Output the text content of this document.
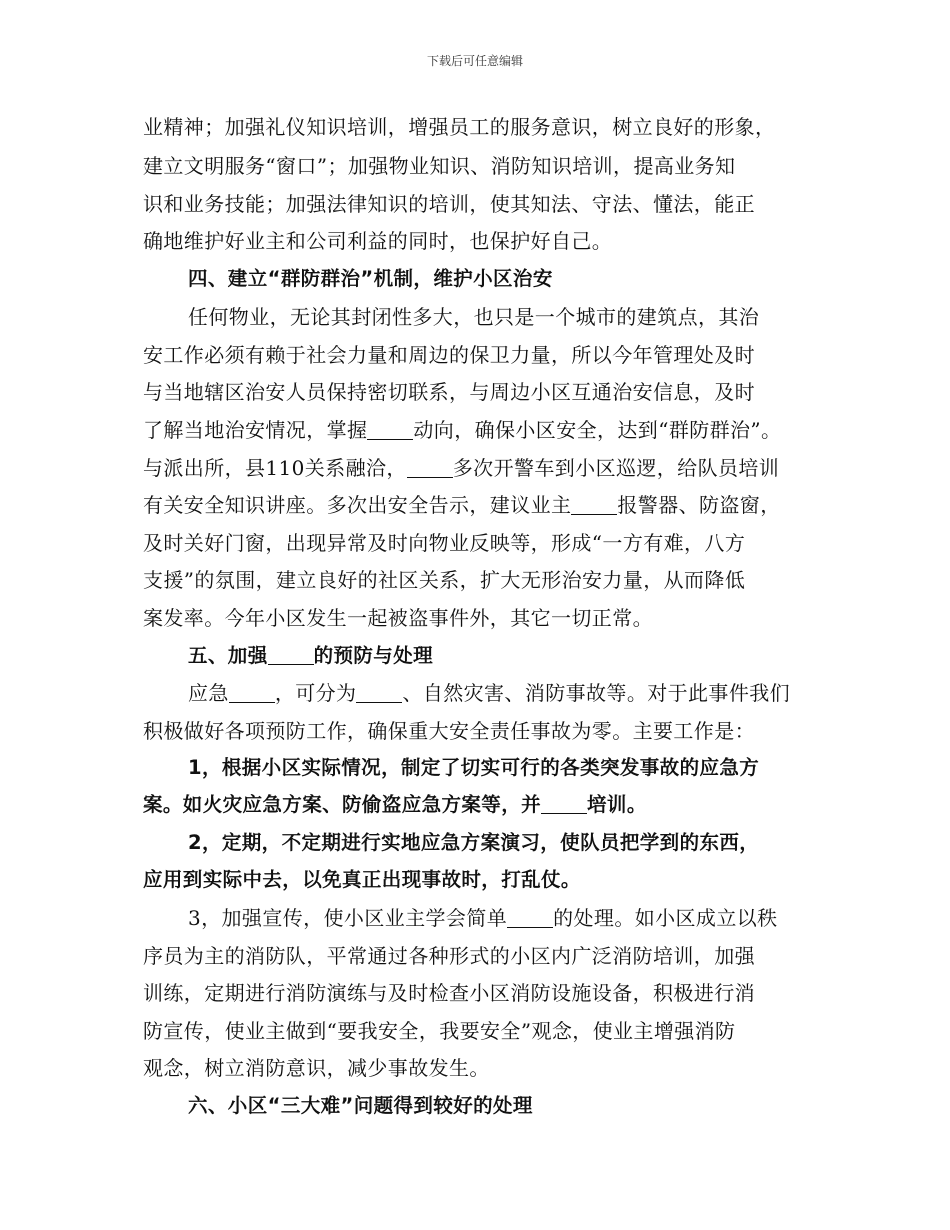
下载后可任意编辑
业精神；加强礼仪知识培训，增强员工的服务意识，树立良好的形象，
建立文明服务“窗口”；加强物业知识、消防知识培训，提高业务知
识和业务技能；加强法律知识的培训，使其知法、守法、懂法，能正
确地维护好业主和公司利益的同时，也保护好自己。
四、建立“群防群治”机制，维护小区治安
任何物业，无论其封闭性多大，也只是一个城市的建筑点，其治
安工作必须有赖于社会力量和周边的保卫力量，所以今年管理处及时
与当地辖区治安人员保持密切联系，与周边小区互通治安信息，及时
了解当地治安情况，掌握 动向，确保小区安全，达到“群防群治”。
与派出所，县110关系融洽， 多次开警车到小区巡逻，给队员培训
有关安全知识讲座。多次出安全告示，建议业主 报警器、防盗窗，
及时关好门窗，出现异常及时向物业反映等，形成“一方有难，八方
支援”的氛围，建立良好的社区关系，扩大无形治安力量，从而降低
案发率。今年小区发生一起被盗事件外，其它一切正常。
五、加强 的预防与处理
应急 ，可分为 、自然灾害、消防事故等。对于此事件我们
积极做好各项预防工作，确保重大安全责任事故为零。主要工作是：
1，根据小区实际情况，制定了切实可行的各类突发事故的应急方
案。如火灾应急方案、防偷盗应急方案等，并 培训。
2，定期，不定期进行实地应急方案演习，使队员把学到的东西，
应用到实际中去，以免真正出现事故时，打乱仗。
3，加强宣传，使小区业主学会简单 的处理。如小区成立以秩
序员为主的消防队，平常通过各种形式的小区内广泛消防培训，加强
训练，定期进行消防演练与及时检查小区消防设施设备，积极进行消
防宣传，使业主做到“要我安全，我要安全”观念，使业主增强消防
观念，树立消防意识，减少事故发生。
六、小区“三大难”问题得到较好的处理
